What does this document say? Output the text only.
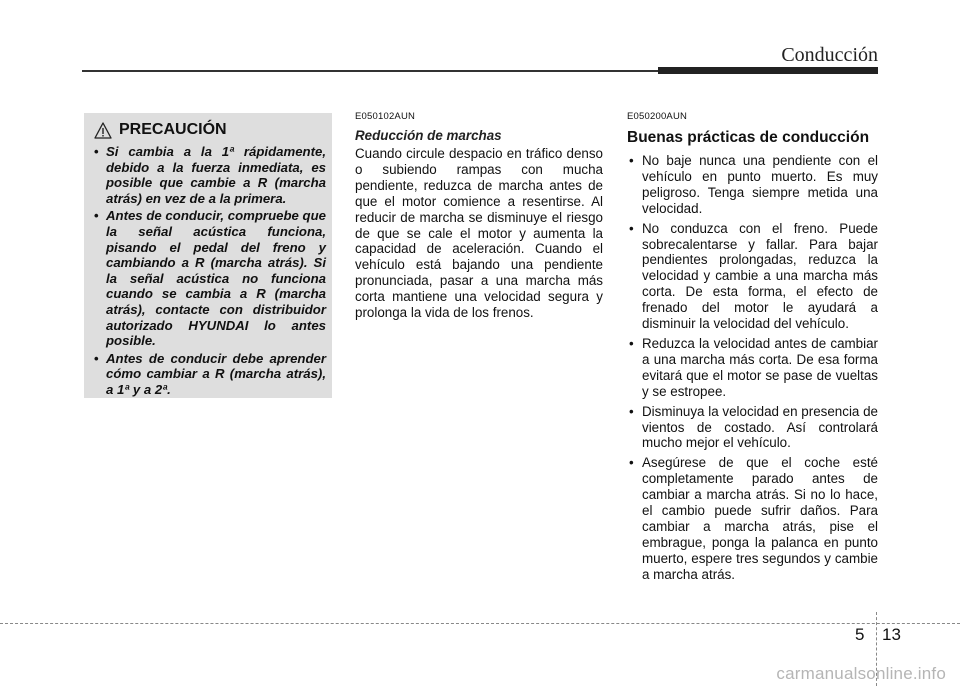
Conducción
PRECAUCIÓN
• Si cambia a la 1ª rápidamente, debido a la fuerza inmediata, es posible que cambie a R (marcha atrás) en vez de a la primera.
• Antes de conducir, compruebe que la señal acústica funciona, pisando el pedal del freno y cambiando a R (marcha atrás). Si la señal acústica no funciona cuando se cambia a R (marcha atrás), contacte con distribuidor autorizado HYUNDAI lo antes posible.
• Antes de conducir debe aprender cómo cambiar a R (marcha atrás), a 1ª y a 2ª.
E050102AUN
Reducción de marchas
Cuando circule despacio en tráfico denso o subiendo rampas con mucha pendiente, reduzca de marcha antes de que el motor comience a resentirse. Al reducir de marcha se disminuye el riesgo de que se cale el motor y aumenta la capacidad de aceleración. Cuando el vehículo está bajando una pendiente pronunciada, pasar a una marcha más corta mantiene una velocidad segura y prolonga la vida de los frenos.
E050200AUN
Buenas prácticas de conducción
• No baje nunca una pendiente con el vehículo en punto muerto. Es muy peligroso. Tenga siempre metida una velocidad.
• No conduzca con el freno. Puede sobrecalentarse y fallar. Para bajar pendientes prolongadas, reduzca la velocidad y cambie a una marcha más corta. De esta forma, el efecto de frenado del motor le ayudará a disminuir la velocidad del vehículo.
• Reduzca la velocidad antes de cambiar a una marcha más corta. De esa forma evitará que el motor se pase de vueltas y se estropee.
• Disminuya la velocidad en presencia de vientos de costado. Así controlará mucho mejor el vehículo.
• Asegúrese de que el coche esté completamente parado antes de cambiar a marcha atrás. Si no lo hace, el cambio puede sufrir daños. Para cambiar a marcha atrás, pise el embrague, ponga la palanca en punto muerto, espere tres segundos y cambie a marcha atrás.
5 13
carmanualsonline.info
